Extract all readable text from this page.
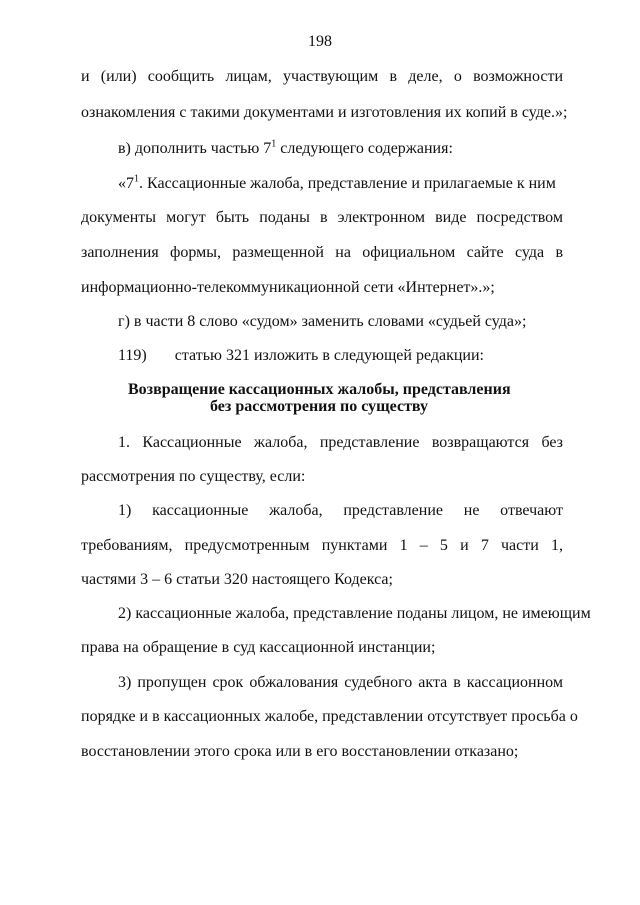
198
и (или) сообщить лицам, участвующим в деле, о возможности
ознакомления с такими документами и изготовления их копий в суде.»;
в) дополнить частью $7^1$ следующего содержания:
«$7^1$. Кассационные жалоба, представление и прилагаемые к ним
документы могут быть поданы в электронном виде посредством
заполнения формы, размещенной на официальном сайте суда в
информационно-телекоммуникационной сети «Интернет».»;
г) в части 8 слово «судом» заменить словами «судьей суда»;
119) статью 321 изложить в следующей редакции:
Возвращение кассационных жалобы, представления
без рассмотрения по существу
1. Кассационные жалоба, представление возвращаются без
рассмотрения по существу, если:
1) кассационные жалоба, представление не отвечают
требованиям, предусмотренным пунктами 1 – 5 и 7 части 1,
частями 3 – 6 статьи 320 настоящего Кодекса;
2) кассационные жалоба, представление поданы лицом, не имеющим
права на обращение в суд кассационной инстанции;
3) пропущен срок обжалования судебного акта в кассационном
порядке и в кассационных жалобе, представлении отсутствует просьба о
восстановлении этого срока или в его восстановлении отказано;
